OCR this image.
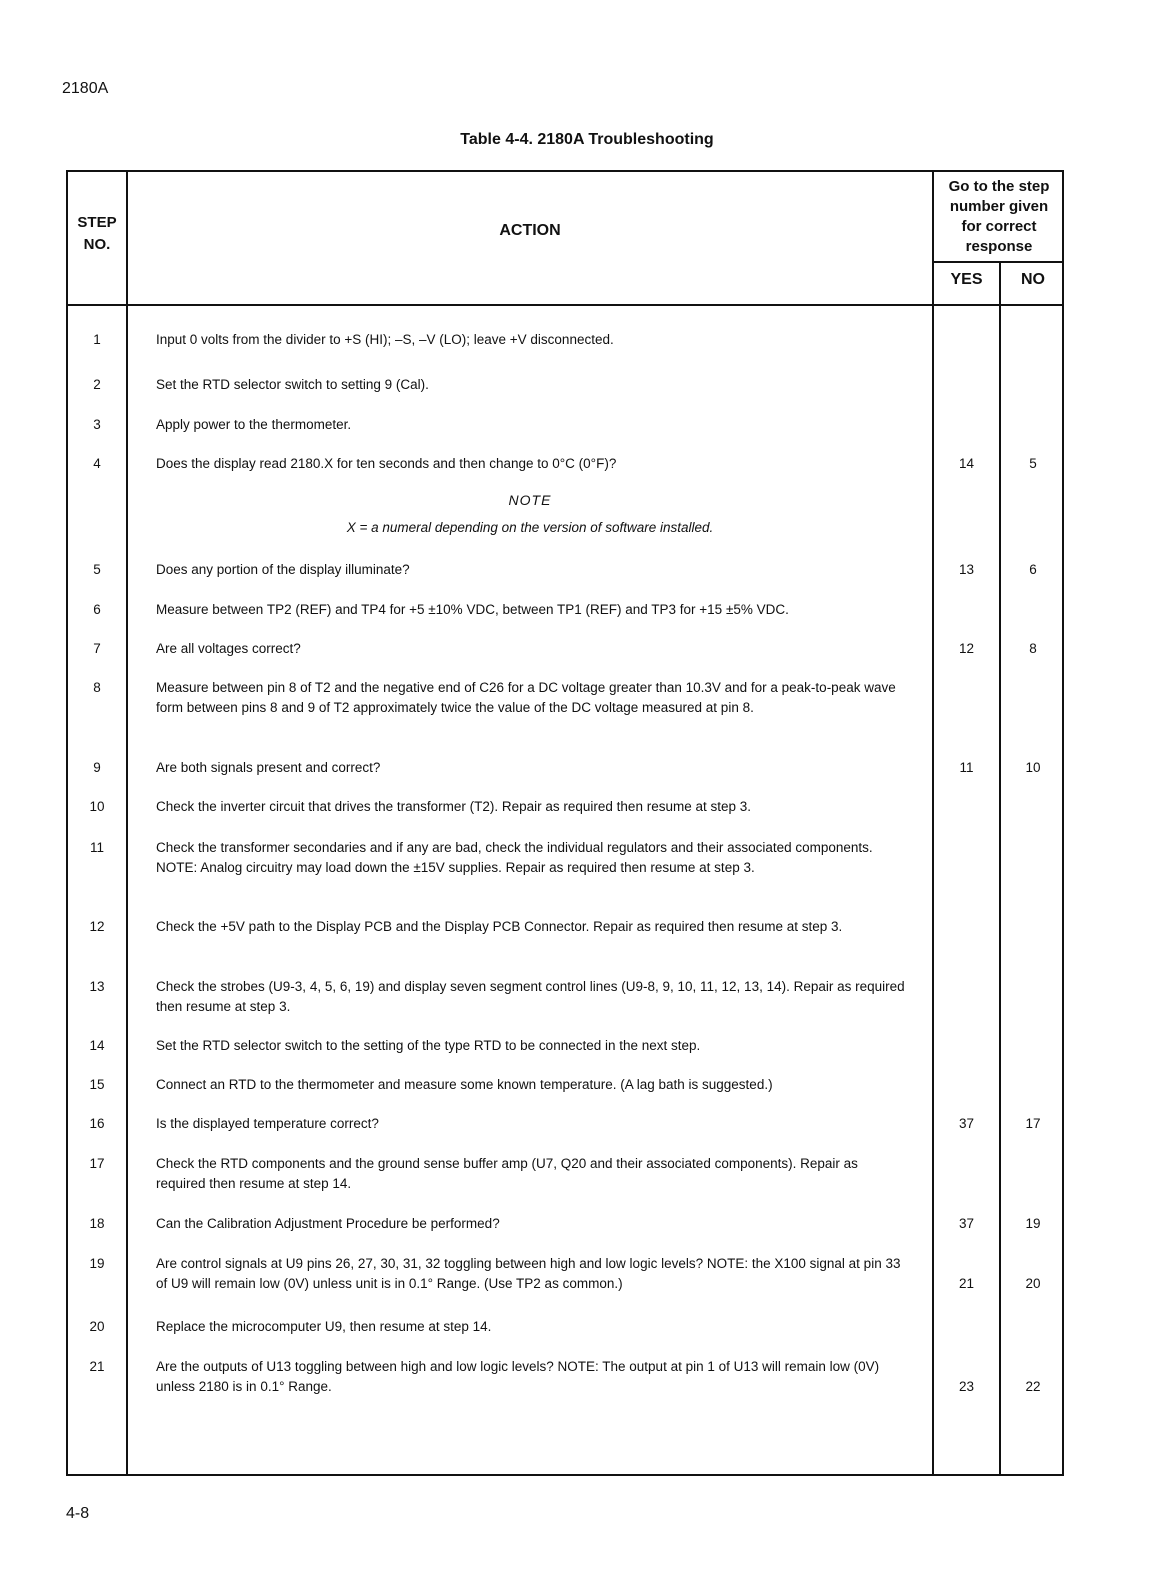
2180A
Table 4-4. 2180A Troubleshooting
STEP
NO.
ACTION
Go to the step
number given
for correct
response
YES	NO
1	Input 0 volts from the divider to +S (HI); –S, –V (LO); leave +V disconnected.
2	Set the RTD selector switch to setting 9 (Cal).
3	Apply power to the thermometer.
4	Does the display read 2180.X for ten seconds and then change to 0°C (0°F)?	14	5
NOTE
X = a numeral depending on the version of software installed.
5	Does any portion of the display illuminate?	13	6
6	Measure between TP2 (REF) and TP4 for +5 ±10% VDC, between TP1 (REF) and TP3 for +15 ±5% VDC.
7	Are all voltages correct?	12	8
8	Measure between pin 8 of T2 and the negative end of C26 for a DC voltage greater than 10.3V and for a peak-to-peak wave form between pins 8 and 9 of T2 approximately twice the value of the DC voltage measured at pin 8.
9	Are both signals present and correct?	11	10
10	Check the inverter circuit that drives the transformer (T2). Repair as required then resume at step 3.
11	Check the transformer secondaries and if any are bad, check the individual regulators and their associated components. NOTE: Analog circuitry may load down the ±15V supplies. Repair as required then resume at step 3.
12	Check the +5V path to the Display PCB and the Display PCB Connector. Repair as required then resume at step 3.
13	Check the strobes (U9-3, 4, 5, 6, 19) and display seven segment control lines (U9-8, 9, 10, 11, 12, 13, 14). Repair as required then resume at step 3.
14	Set the RTD selector switch to the setting of the type RTD to be connected in the next step.
15	Connect an RTD to the thermometer and measure some known temperature. (A lag bath is suggested.)
16	Is the displayed temperature correct?	37	17
17	Check the RTD components and the ground sense buffer amp (U7, Q20 and their associated components). Repair as required then resume at step 14.
18	Can the Calibration Adjustment Procedure be performed?	37	19
19	Are control signals at U9 pins 26, 27, 30, 31, 32 toggling between high and low logic levels? NOTE: the X100 signal at pin 33 of U9 will remain low (0V) unless unit is in 0.1° Range. (Use TP2 as common.)	21	20
20	Replace the microcomputer U9, then resume at step 14.
21	Are the outputs of U13 toggling between high and low logic levels? NOTE: The output at pin 1 of U13 will remain low (0V) unless 2180 is in 0.1° Range.	23	22
4-8
